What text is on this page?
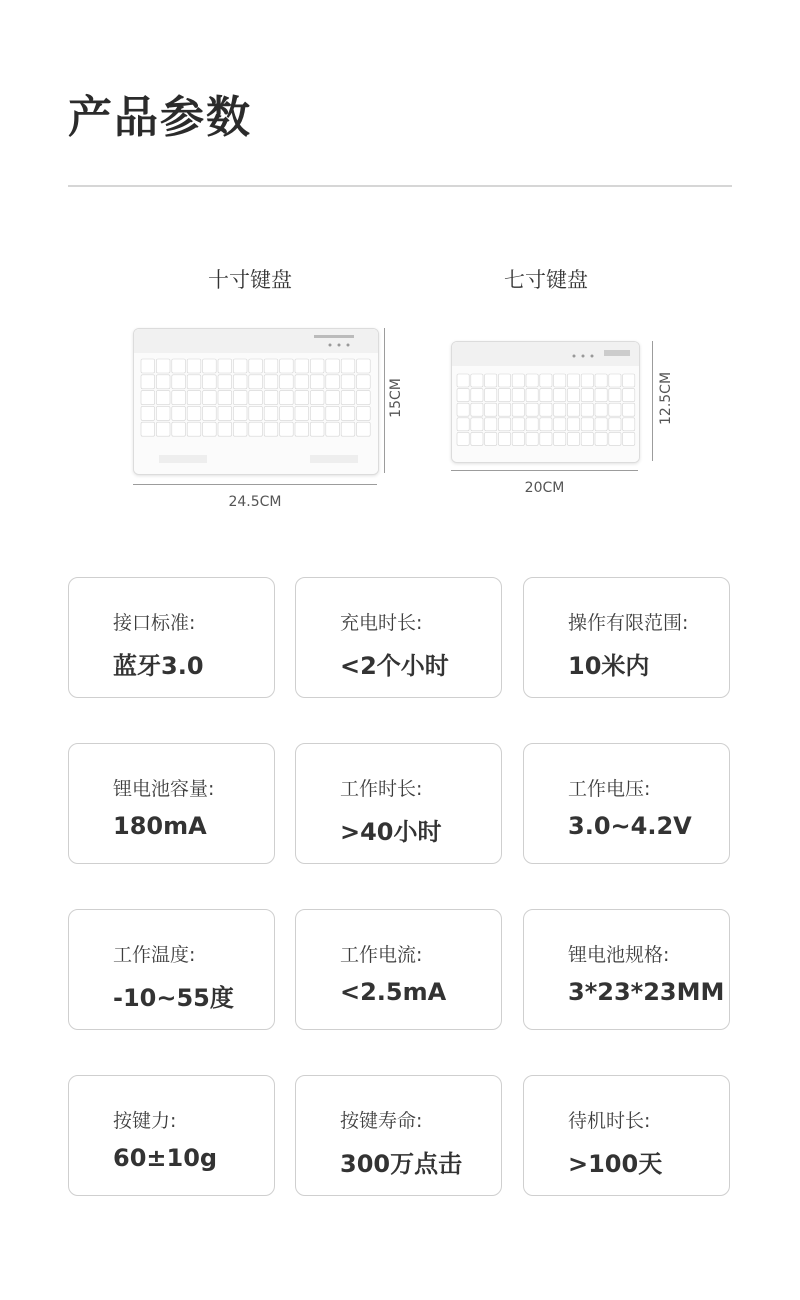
产品参数
十寸键盘
15CM
24.5CM
七寸键盘
12.5CM
20CM
接口标准:
蓝牙3.0
充电时长:
<2个小时
操作有限范围:
10米内
锂电池容量:
180mA
工作时长:
>40小时
工作电压:
3.0~4.2V
工作温度:
-10~55度
工作电流:
<2.5mA
锂电池规格:
3*23*23MM
按键力:
60±10g
按键寿命:
300万点击
待机时长:
>100天
